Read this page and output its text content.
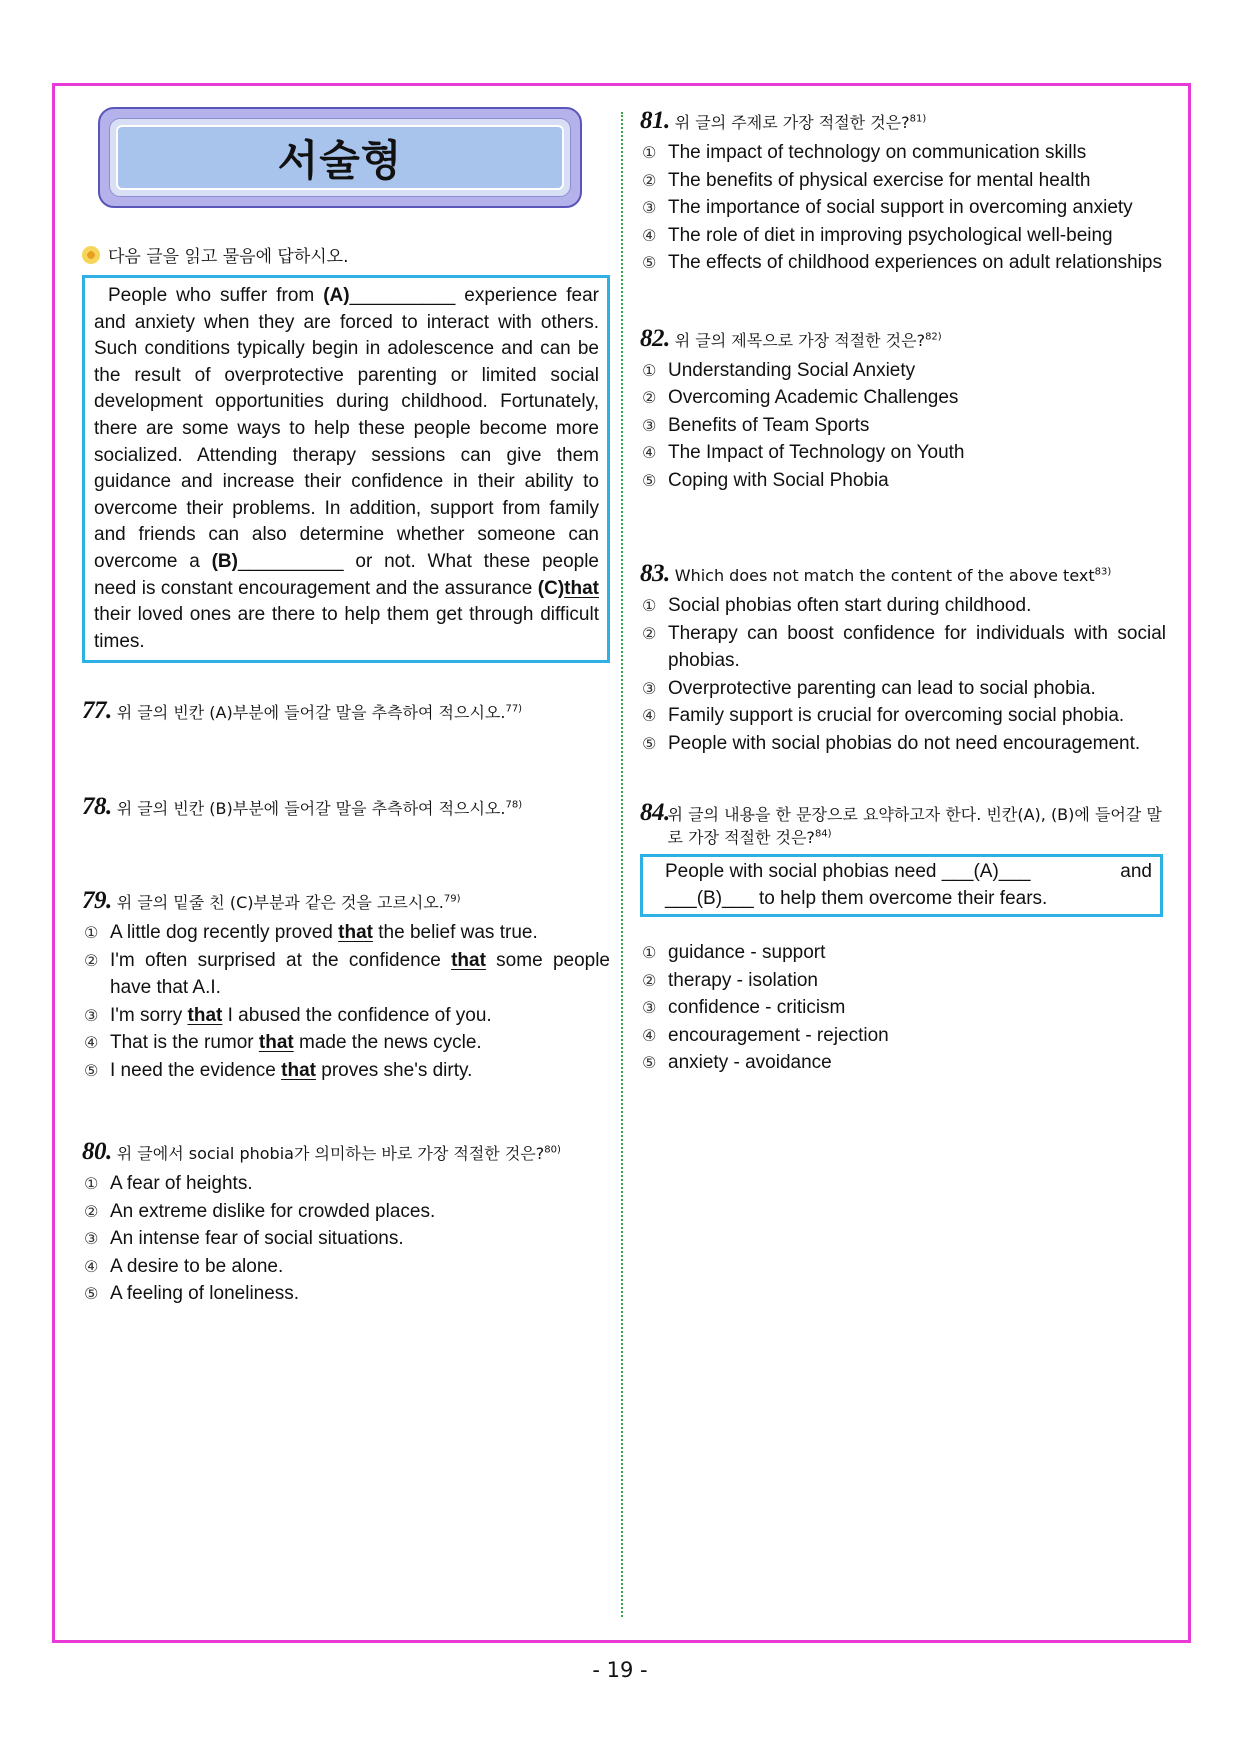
서술형
다음 글을 읽고 물음에 답하시오.

People who suffer from (A)__________ experience fear and anxiety when they are forced to interact with others. Such conditions typically begin in adolescence and can be the result of overprotective parenting or limited social development opportunities during childhood. Fortunately, there are some ways to help these people become more socialized. Attending therapy sessions can give them guidance and increase their confidence in their ability to overcome their problems. In addition, support from family and friends can also determine whether someone can overcome a (B)__________ or not. What these people need is constant encouragement and the assurance (C)that their loved ones are there to help them get through difficult times.

77. 위 글의 빈칸 (A)부분에 들어갈 말을 추측하여 적으시오.$^{77)}$
78. 위 글의 빈칸 (B)부분에 들어갈 말을 추측하여 적으시오.$^{78)}$
79. 위 글의 밑줄 친 (C)부분과 같은 것을 고르시오.$^{79)}$
① A little dog recently proved that the belief was true.
② I'm often surprised at the confidence that some people have that A.I.
③ I'm sorry that I abused the confidence of you.
④ That is the rumor that made the news cycle.
⑤ I need the evidence that proves she's dirty.
80. 위 글에서 social phobia가 의미하는 바로 가장 적절한 것은?$^{80)}$
① A fear of heights.
② An extreme dislike for crowded places.
③ An intense fear of social situations.
④ A desire to be alone.
⑤ A feeling of loneliness.
81. 위 글의 주제로 가장 적절한 것은?$^{81)}$
① The impact of technology on communication skills
② The benefits of physical exercise for mental health
③ The importance of social support in overcoming anxiety
④ The role of diet in improving psychological well-being
⑤ The effects of childhood experiences on adult relationships
82. 위 글의 제목으로 가장 적절한 것은?$^{82)}$
① Understanding Social Anxiety
② Overcoming Academic Challenges
③ Benefits of Team Sports
④ The Impact of Technology on Youth
⑤ Coping with Social Phobia
83. Which does not match the content of the above text$^{83)}$
① Social phobias often start during childhood.
② Therapy can boost confidence for individuals with social phobias.
③ Overprotective parenting can lead to social phobia.
④ Family support is crucial for overcoming social phobia.
⑤ People with social phobias do not need encouragement.
84.
위 글의 내용을 한 문장으로 요약하고자 한다. 빈칸(A), (B)에 들어갈 말로 가장 적절한 것은?$^{84)}$
People with social phobias need ___(A)___	and
___(B)___ to help them overcome their fears.
① guidance - support
② therapy - isolation
③ confidence - criticism
④ encouragement - rejection
⑤ anxiety - avoidance
- 19 -
